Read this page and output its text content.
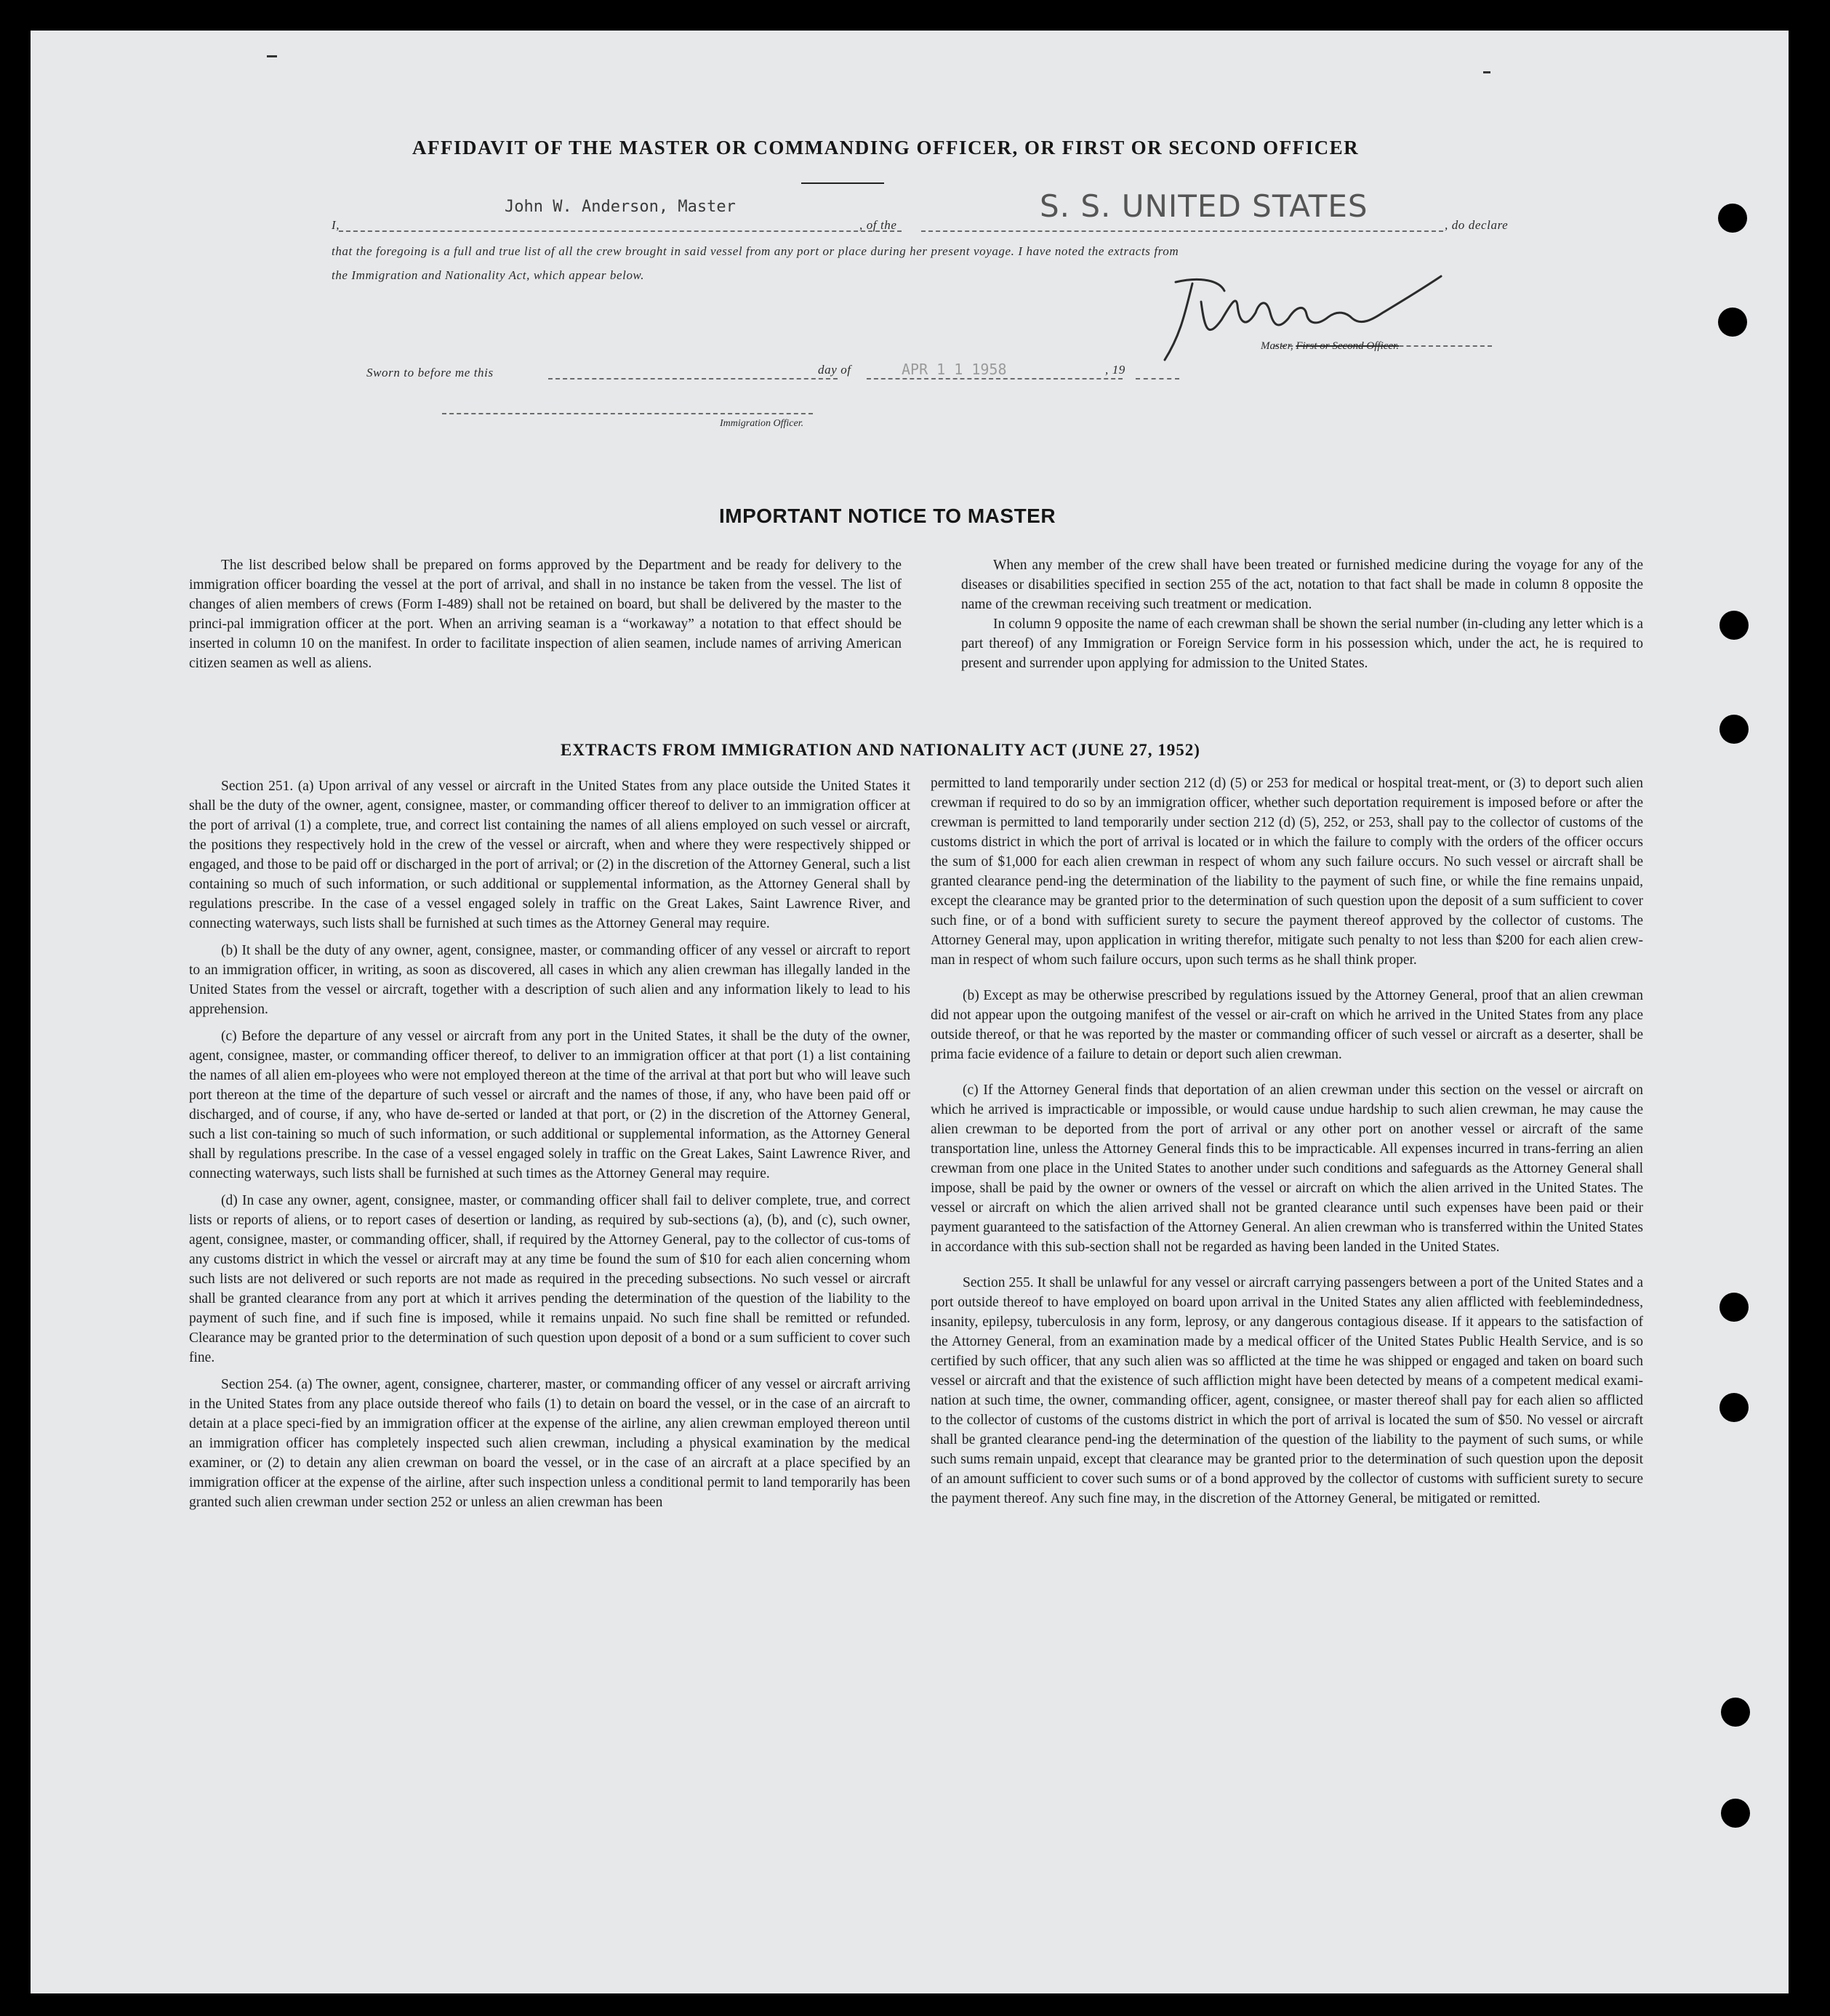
AFFIDAVIT OF THE MASTER OR COMMANDING OFFICER, OR FIRST OR SECOND OFFICER
I,
John W. Anderson, Master
, of the
S. S. UNITED STATES
, do declare
that the foregoing is a full and true list of all the crew brought in said vessel from any port or place during her present voyage. I have noted the extracts from
the Immigration and Nationality Act, which appear below.
Master, First or Second Officer.
Sworn to before me this	day of	APR 1 1 1958	, 19
Immigration Officer.
IMPORTANT NOTICE TO MASTER

The list described below shall be prepared on forms approved by the Department and be ready for delivery to the immigration officer boarding the vessel at the port of arrival, and shall in no instance be taken from the vessel. The list of changes of alien members of crews (Form I-489) shall not be retained on board, but shall be delivered by the master to the princi-pal immigration officer at the port. When an arriving seaman is a “workaway” a notation to that effect should be inserted in column 10 on the manifest. In order to facilitate inspection of alien seamen, include names of arriving American citizen seamen as well as aliens.

When any member of the crew shall have been treated or furnished medicine during the voyage for any of the diseases or disabilities specified in section 255 of the act, notation to that fact shall be made in column 8 opposite the name of the crewman receiving such treatment or medication.

In column 9 opposite the name of each crewman shall be shown the serial number (in-cluding any letter which is a part thereof) of any Immigration or Foreign Service form in his possession which, under the act, he is required to present and surrender upon applying for admission to the United States.

EXTRACTS FROM IMMIGRATION AND NATIONALITY ACT (JUNE 27, 1952)

Section 251. (a) Upon arrival of any vessel or aircraft in the United States from any place outside the United States it shall be the duty of the owner, agent, consignee, master, or commanding officer thereof to deliver to an immigration officer at the port of arrival (1) a complete, true, and correct list containing the names of all aliens employed on such vessel or aircraft, the positions they respectively hold in the crew of the vessel or aircraft, when and where they were respectively shipped or engaged, and those to be paid off or discharged in the port of arrival; or (2) in the discretion of the Attorney General, such a list containing so much of such information, or such additional or supplemental information, as the Attorney General shall by regulations prescribe. In the case of a vessel engaged solely in traffic on the Great Lakes, Saint Lawrence River, and connecting waterways, such lists shall be furnished at such times as the Attorney General may require.

(b) It shall be the duty of any owner, agent, consignee, master, or commanding officer of any vessel or aircraft to report to an immigration officer, in writing, as soon as discovered, all cases in which any alien crewman has illegally landed in the United States from the vessel or aircraft, together with a description of such alien and any information likely to lead to his apprehension.

(c) Before the departure of any vessel or aircraft from any port in the United States, it shall be the duty of the owner, agent, consignee, master, or commanding officer thereof, to deliver to an immigration officer at that port (1) a list containing the names of all alien em-ployees who were not employed thereon at the time of the arrival at that port but who will leave such port thereon at the time of the departure of such vessel or aircraft and the names of those, if any, who have been paid off or discharged, and of course, if any, who have de-serted or landed at that port, or (2) in the discretion of the Attorney General, such a list con-taining so much of such information, or such additional or supplemental information, as the Attorney General shall by regulations prescribe. In the case of a vessel engaged solely in traffic on the Great Lakes, Saint Lawrence River, and connecting waterways, such lists shall be furnished at such times as the Attorney General may require.

(d) In case any owner, agent, consignee, master, or commanding officer shall fail to deliver complete, true, and correct lists or reports of aliens, or to report cases of desertion or landing, as required by sub-sections (a), (b), and (c), such owner, agent, consignee, master, or commanding officer, shall, if required by the Attorney General, pay to the collector of cus-toms of any customs district in which the vessel or aircraft may at any time be found the sum of $10 for each alien concerning whom such lists are not delivered or such reports are not made as required in the preceding subsections. No such vessel or aircraft shall be granted clearance from any port at which it arrives pending the determination of the question of the liability to the payment of such fine, and if such fine is imposed, while it remains unpaid. No such fine shall be remitted or refunded. Clearance may be granted prior to the determination of such question upon deposit of a bond or a sum sufficient to cover such fine.

Section 254. (a) The owner, agent, consignee, charterer, master, or commanding officer of any vessel or aircraft arriving in the United States from any place outside thereof who fails (1) to detain on board the vessel, or in the case of an aircraft to detain at a place speci-fied by an immigration officer at the expense of the airline, any alien crewman employed thereon until an immigration officer has completely inspected such alien crewman, including a physical examination by the medical examiner, or (2) to detain any alien crewman on board the vessel, or in the case of an aircraft at a place specified by an immigration officer at the expense of the airline, after such inspection unless a conditional permit to land temporarily has been granted such alien crewman under section 252 or unless an alien crewman has been

permitted to land temporarily under section 212 (d) (5) or 253 for medical or hospital treat-ment, or (3) to deport such alien crewman if required to do so by an immigration officer, whether such deportation requirement is imposed before or after the crewman is permitted to land temporarily under section 212 (d) (5), 252, or 253, shall pay to the collector of customs of the customs district in which the port of arrival is located or in which the failure to comply with the orders of the officer occurs the sum of $1,000 for each alien crewman in respect of whom any such failure occurs. No such vessel or aircraft shall be granted clearance pend-ing the determination of the liability to the payment of such fine, or while the fine remains unpaid, except the clearance may be granted prior to the determination of such question upon the deposit of a sum sufficient to cover such fine, or of a bond with sufficient surety to secure the payment thereof approved by the collector of customs. The Attorney General may, upon application in writing therefor, mitigate such penalty to not less than $200 for each alien crew-man in respect of whom such failure occurs, upon such terms as he shall think proper.

(b) Except as may be otherwise prescribed by regulations issued by the Attorney General, proof that an alien crewman did not appear upon the outgoing manifest of the vessel or air-craft on which he arrived in the United States from any place outside thereof, or that he was reported by the master or commanding officer of such vessel or aircraft as a deserter, shall be prima facie evidence of a failure to detain or deport such alien crewman.

(c) If the Attorney General finds that deportation of an alien crewman under this section on the vessel or aircraft on which he arrived is impracticable or impossible, or would cause undue hardship to such alien crewman, he may cause the alien crewman to be deported from the port of arrival or any other port on another vessel or aircraft of the same transportation line, unless the Attorney General finds this to be impracticable. All expenses incurred in trans-ferring an alien crewman from one place in the United States to another under such conditions and safeguards as the Attorney General shall impose, shall be paid by the owner or owners of the vessel or aircraft on which the alien arrived in the United States. The vessel or aircraft on which the alien arrived shall not be granted clearance until such expenses have been paid or their payment guaranteed to the satisfaction of the Attorney General. An alien crewman who is transferred within the United States in accordance with this sub-section shall not be regarded as having been landed in the United States.

Section 255. It shall be unlawful for any vessel or aircraft carrying passengers between a port of the United States and a port outside thereof to have employed on board upon arrival in the United States any alien afflicted with feeblemindedness, insanity, epilepsy, tuberculosis in any form, leprosy, or any dangerous contagious disease. If it appears to the satisfaction of the Attorney General, from an examination made by a medical officer of the United States Public Health Service, and is so certified by such officer, that any such alien was so afflicted at the time he was shipped or engaged and taken on board such vessel or aircraft and that the existence of such affliction might have been detected by means of a competent medical exami-nation at such time, the owner, commanding officer, agent, consignee, or master thereof shall pay for each alien so afflicted to the collector of customs of the customs district in which the port of arrival is located the sum of $50. No vessel or aircraft shall be granted clearance pend-ing the determination of the question of the liability to the payment of such sums, or while such sums remain unpaid, except that clearance may be granted prior to the determination of such question upon the deposit of an amount sufficient to cover such sums or of a bond approved by the collector of customs with sufficient surety to secure the payment thereof. Any such fine may, in the discretion of the Attorney General, be mitigated or remitted.
